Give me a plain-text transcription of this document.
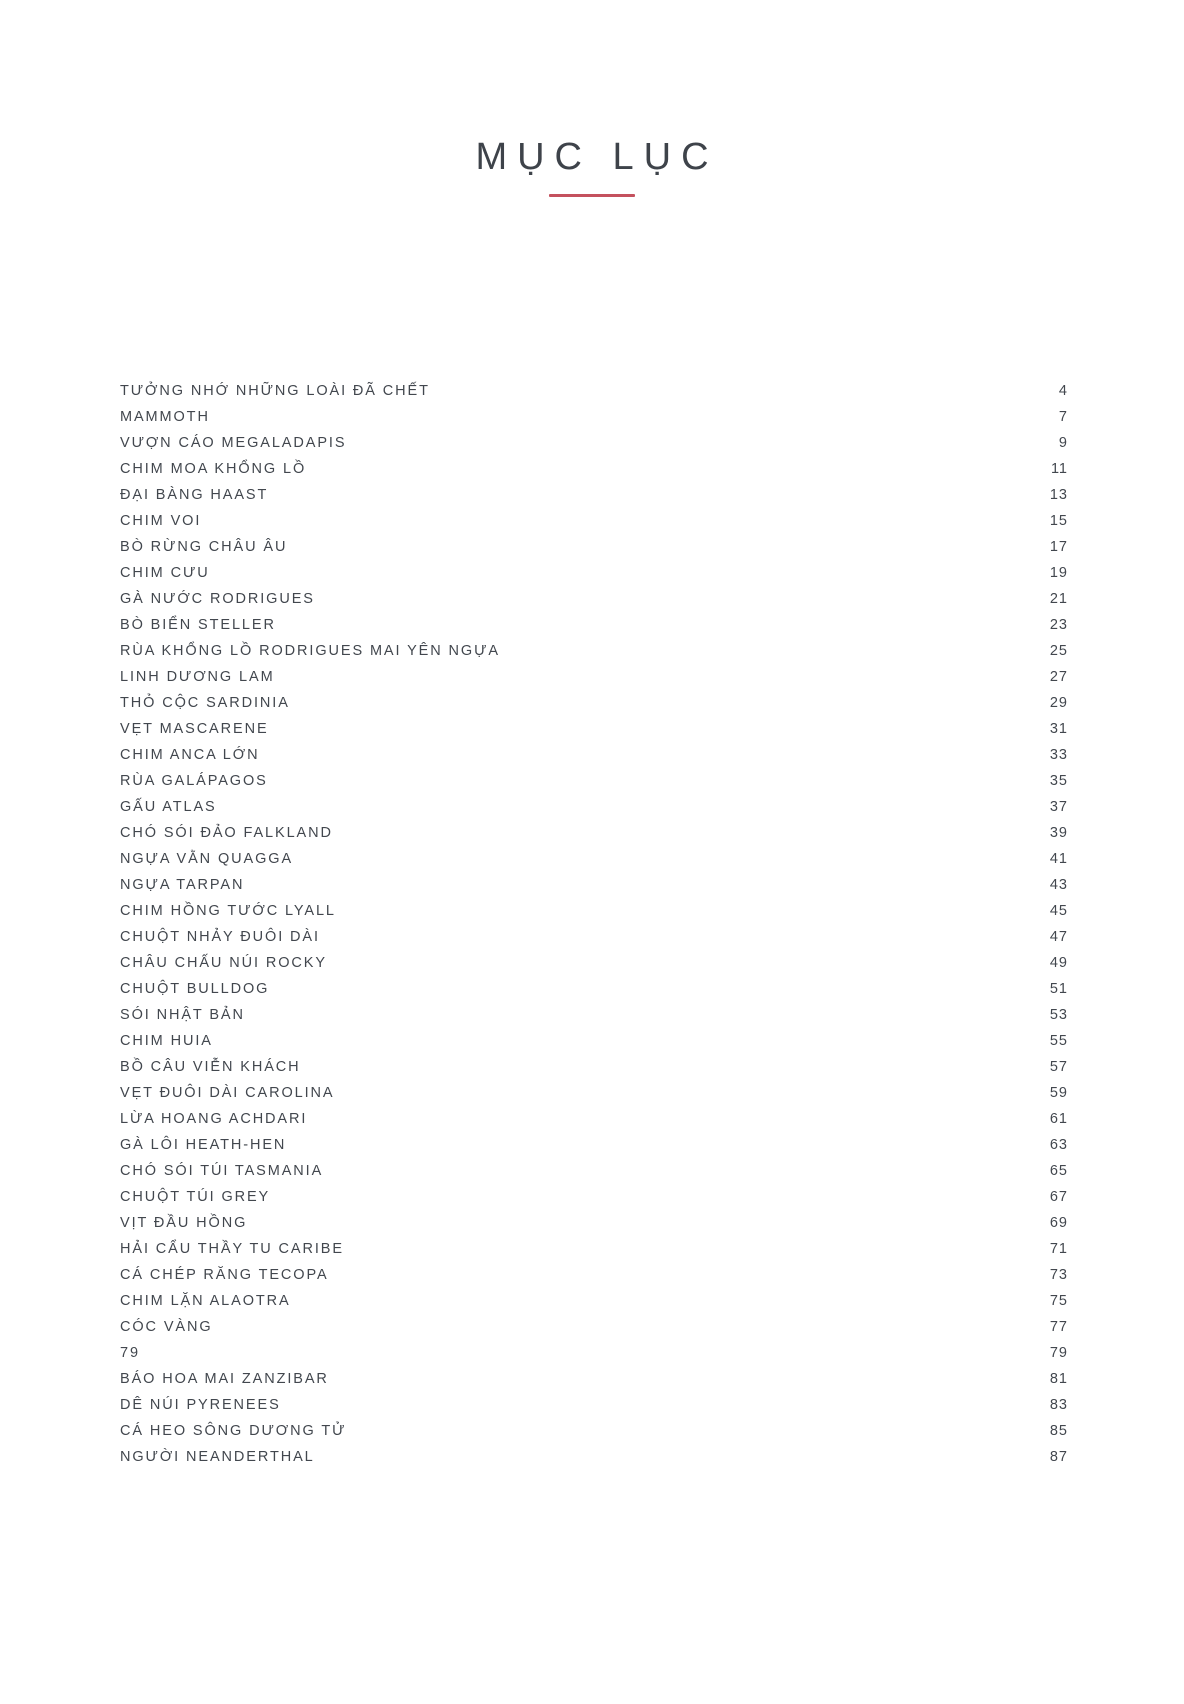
MỤC LỤC
TƯỞNG NHỚ NHỮNG LOÀI ĐÃ CHẾT	4
MAMMOTH	7
VƯỢN CÁO MEGALADAPIS	9
CHIM MOA KHỔNG LỒ	11
ĐẠI BÀNG HAAST	13
CHIM VOI	15
BÒ RỪNG CHÂU ÂU	17
CHIM CƯU	19
GÀ NƯỚC RODRIGUES	21
BÒ BIỂN STELLER	23
RÙA KHỔNG LỒ RODRIGUES MAI YÊN NGỰA	25
LINH DƯƠNG LAM	27
THỎ CỘC SARDINIA	29
VẸT MASCARENE	31
CHIM ANCA LỚN	33
RÙA GALÁPAGOS	35
GẤU ATLAS	37
CHÓ SÓI ĐẢO FALKLAND	39
NGỰA VẰN QUAGGA	41
NGỰA TARPAN	43
CHIM HỒNG TƯỚC LYALL	45
CHUỘT NHẢY ĐUÔI DÀI	47
CHÂU CHẤU NÚI ROCKY	49
CHUỘT BULLDOG	51
SÓI NHẬT BẢN	53
CHIM HUIA	55
BỒ CÂU VIỄN KHÁCH	57
VẸT ĐUÔI DÀI CAROLINA	59
LỪA HOANG ACHDARI	61
GÀ LÔI HEATH-HEN	63
CHÓ SÓI TÚI TASMANIA	65
CHUỘT TÚI GREY	67
VỊT ĐẦU HỒNG	69
HẢI CẨU THẦY TU CARIBE	71
CÁ CHÉP RĂNG TECOPA	73
CHIM LẶN ALAOTRA	75
CÓC VÀNG	77
79	79
BÁO HOA MAI ZANZIBAR	81
DÊ NÚI PYRENEES	83
CÁ HEO SÔNG DƯƠNG TỬ	85
NGƯỜI NEANDERTHAL	87
